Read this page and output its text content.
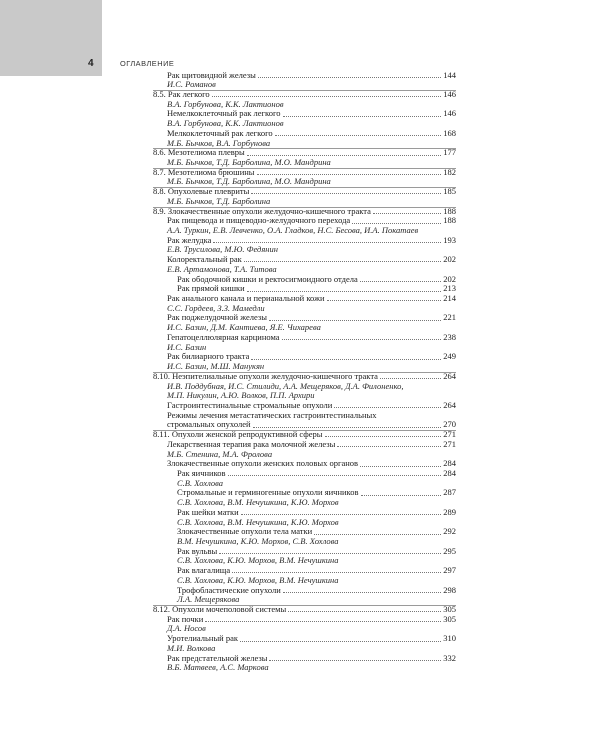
4	ОГЛАВЛЕНИЕ
Рак щитовидной железы	144
И.С. Романов
8.5. Рак легкого	146
В.А. Горбунова, К.К. Лактионов
Немелкоклеточный рак легкого	146
В.А. Горбунова, К.К. Лактионов
Мелкоклеточный рак легкого	168
М.Б. Бычков, В.А. Горбунова
8.6. Мезотелиома плевры	177
М.Б. Бычков, Т.Д. Барболина, М.О. Мандрина
8.7. Мезотелиома брюшины	182
М.Б. Бычков, Т.Д. Барболина, М.О. Мандрина
8.8. Опухолевые плевриты	185
М.Б. Бычков, Т.Д. Барболина
8.9. Злокачественные опухоли желудочно-кишечного тракта	188
Рак пищевода и пищеводно-желудочного перехода	188
А.А. Туркин, Е.В. Левченко, О.А. Гладков, Н.С. Бесова, И.А. Покатаев
Рак желудка	193
Е.В. Трусилова, М.Ю. Федянин
Колоректальный рак	202
Е.В. Артамонова, Т.А. Титова
Рак ободочной кишки и ректосигмоидного отдела	202
Рак прямой кишки	213
Рак анального канала и перианальной кожи	214
С.С. Гордеев, З.З. Мамедли
Рак поджелудочной железы	221
И.С. Базин, Д.М. Кантиева, Я.Е. Чихарева
Гепатоцеллюлярная карцинома	238
И.С. Базин
Рак билиарного тракта	249
И.С. Базин, М.Ш. Манукян
8.10. Неэпителиальные опухоли желудочно-кишечного тракта	264
И.В. Поддубная, И.С. Стилиди, А.А. Мещеряков, Д.А. Филоненко,
М.П. Никулин, А.Ю. Волков, П.П. Архири
Гастроинтестинальные стромальные опухоли	264
Режимы лечения метастатических гастроинтестинальных
стромальных опухолей	270
8.11. Опухоли женской репродуктивной сферы	271
Лекарственная терапия рака молочной железы	271
М.Б. Стенина, М.А. Фролова
Злокачественные опухоли женских половых органов	284
Рак яичников	284
С.В. Хохлова
Стромальные и герминогенные опухоли яичников	287
С.В. Хохлова, В.М. Нечушкина, К.Ю. Морхов
Рак шейки матки	289
С.В. Хохлова, В.М. Нечушкина, К.Ю. Морхов
Злокачественные опухоли тела матки	292
В.М. Нечушкина, К.Ю. Морхов, С.В. Хохлова
Рак вульвы	295
С.В. Хохлова, К.Ю. Морхов, В.М. Нечушкина
Рак влагалища	297
С.В. Хохлова, К.Ю. Морхов, В.М. Нечушкина
Трофобластические опухоли	298
Л.А. Мещерякова
8.12. Опухоли мочеполовой системы	305
Рак почки	305
Д.А. Носов
Уротелиальный рак	310
М.И. Волкова
Рак предстательной железы	332
В.Б. Матвеев, А.С. Маркова
